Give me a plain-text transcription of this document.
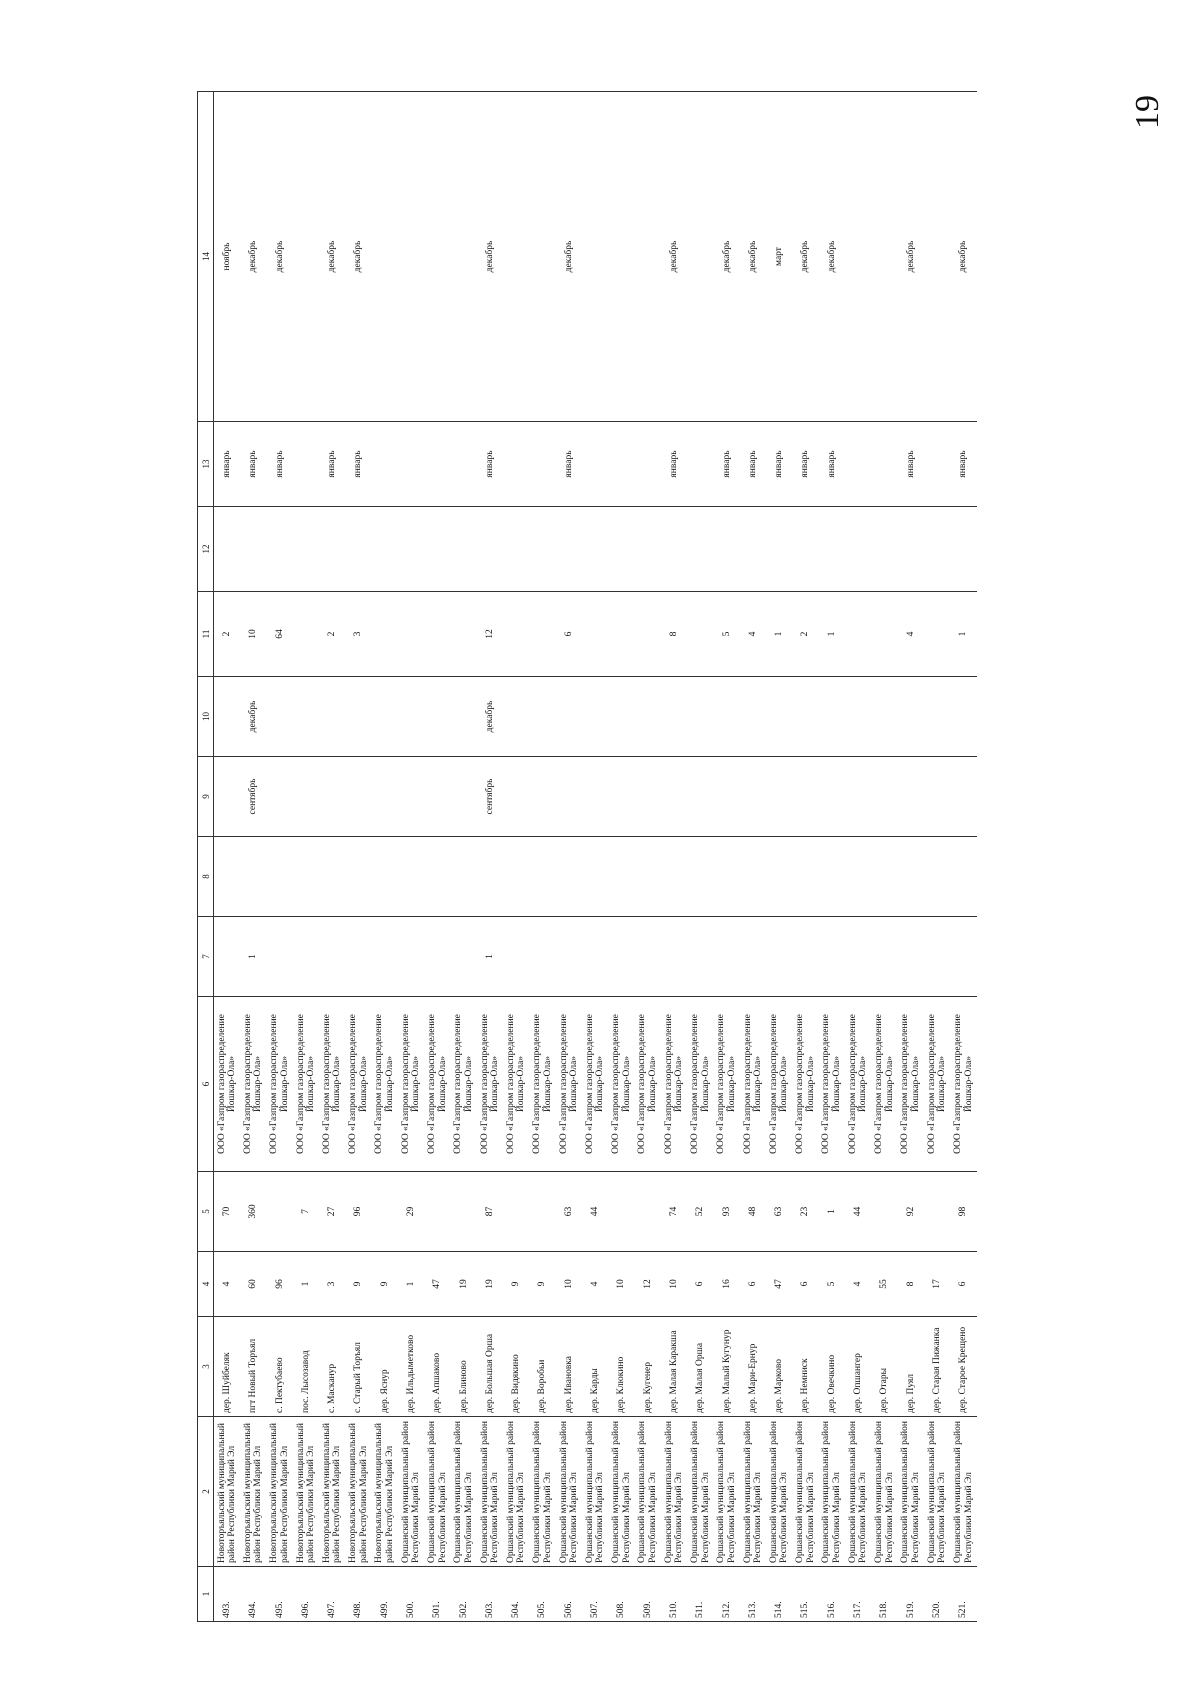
19
1	2	3	4	5	6	7	8	9	10	11	12	13	14
493.	Новоторъяльский муниципальный район Республики Марий Эл	дер. Шуйбеляк	4	70	ООО «Газпром газораспределение Йошкар-Ола»					2		январь	ноябрь
494.	Новоторъяльский муниципальный район Республики Марий Эл	пгт Новый Торъял	60	360	ООО «Газпром газораспределение Йошкар-Ола»	1		сентябрь	декабрь	10		январь	декабрь
495.	Новоторъяльский муниципальный район Республики Марий Эл	с. Пектубаево	96		ООО «Газпром газораспределение Йошкар-Ола»					64		январь	декабрь
496.	Новоторъяльский муниципальный район Республики Марий Эл	пос. Лысозавод	1	7	ООО «Газпром газораспределение Йошкар-Ола»								
497.	Новоторъяльский муниципальный район Республики Марий Эл	с. Масканур	3	27	ООО «Газпром газораспределение Йошкар-Ола»					2		январь	декабрь
498.	Новоторъяльский муниципальный район Республики Марий Эл	с. Старый Торъял	9	96	ООО «Газпром газораспределение Йошкар-Ола»					3		январь	декабрь
499.	Новоторъяльский муниципальный район Республики Марий Эл	дер. Яснур	9		ООО «Газпром газораспределение Йошкар-Ола»								
500.	Оршанский муниципальный район Республики Марий Эл	дер. Ильдыметково	1	29	ООО «Газпром газораспределение Йошкар-Ола»								
501.	Оршанский муниципальный район Республики Марий Эл	дер. Апшаково	47		ООО «Газпром газораспределение Йошкар-Ола»								
502.	Оршанский муниципальный район Республики Марий Эл	дер. Блиново	19		ООО «Газпром газораспределение Йошкар-Ола»								
503.	Оршанский муниципальный район Республики Марий Эл	дер. Большая Орша	19	87	ООО «Газпром газораспределение Йошкар-Ола»	1		сентябрь	декабрь	12		январь	декабрь
504.	Оршанский муниципальный район Республики Марий Эл	дер. Видякино	9		ООО «Газпром газораспределение Йошкар-Ола»								
505.	Оршанский муниципальный район Республики Марий Эл	дер. Воробьи	9		ООО «Газпром газораспределение Йошкар-Ола»								
506.	Оршанский муниципальный район Республики Марий Эл	дер. Ивановка	10	63	ООО «Газпром газораспределение Йошкар-Ола»					6		январь	декабрь
507.	Оршанский муниципальный район Республики Марий Эл	дер. Карды	4	44	ООО «Газпром газораспределение Йошкар-Ола»								
508.	Оршанский муниципальный район Республики Марий Эл	дер. Клюкино	10		ООО «Газпром газораспределение Йошкар-Ола»								
509.	Оршанский муниципальный район Республики Марий Эл	дер. Кугенер	12		ООО «Газпром газораспределение Йошкар-Ола»								
510.	Оршанский муниципальный район Республики Марий Эл	дер. Малая Каракша	10	74	ООО «Газпром газораспределение Йошкар-Ола»					8		январь	декабрь
511.	Оршанский муниципальный район Республики Марий Эл	дер. Малая Орша	6	52	ООО «Газпром газораспределение Йошкар-Ола»								
512.	Оршанский муниципальный район Республики Марий Эл	дер. Малый Кугунур	16	93	ООО «Газпром газораспределение Йошкар-Ола»					5		январь	декабрь
513.	Оршанский муниципальный район Республики Марий Эл	дер. Мари-Ернур	6	48	ООО «Газпром газораспределение Йошкар-Ола»					4		январь	декабрь
514.	Оршанский муниципальный район Республики Марий Эл	дер. Марково	47	63	ООО «Газпром газораспределение Йошкар-Ола»					1		январь	март
515.	Оршанский муниципальный район Республики Марий Эл	дер. Немниск	6	23	ООО «Газпром газораспределение Йошкар-Ола»					2		январь	декабрь
516.	Оршанский муниципальный район Республики Марий Эл	дер. Овечкино	5	1	ООО «Газпром газораспределение Йошкар-Ола»					1		январь	декабрь
517.	Оршанский муниципальный район Республики Марий Эл	дер. Опшангер	4	44	ООО «Газпром газораспределение Йошкар-Ола»								
518.	Оршанский муниципальный район Республики Марий Эл	дер. Отары	55		ООО «Газпром газораспределение Йошкар-Ола»								
519.	Оршанский муниципальный район Республики Марий Эл	дер. Пуял	8	92	ООО «Газпром газораспределение Йошкар-Ола»					4		январь	декабрь
520.	Оршанский муниципальный район Республики Марий Эл	дер. Старая Пижанка	17		ООО «Газпром газораспределение Йошкар-Ола»								
521.	Оршанский муниципальный район Республики Марий Эл	дер. Старое Крещено	6	98	ООО «Газпром газораспределение Йошкар-Ола»					1		январь	декабрь
